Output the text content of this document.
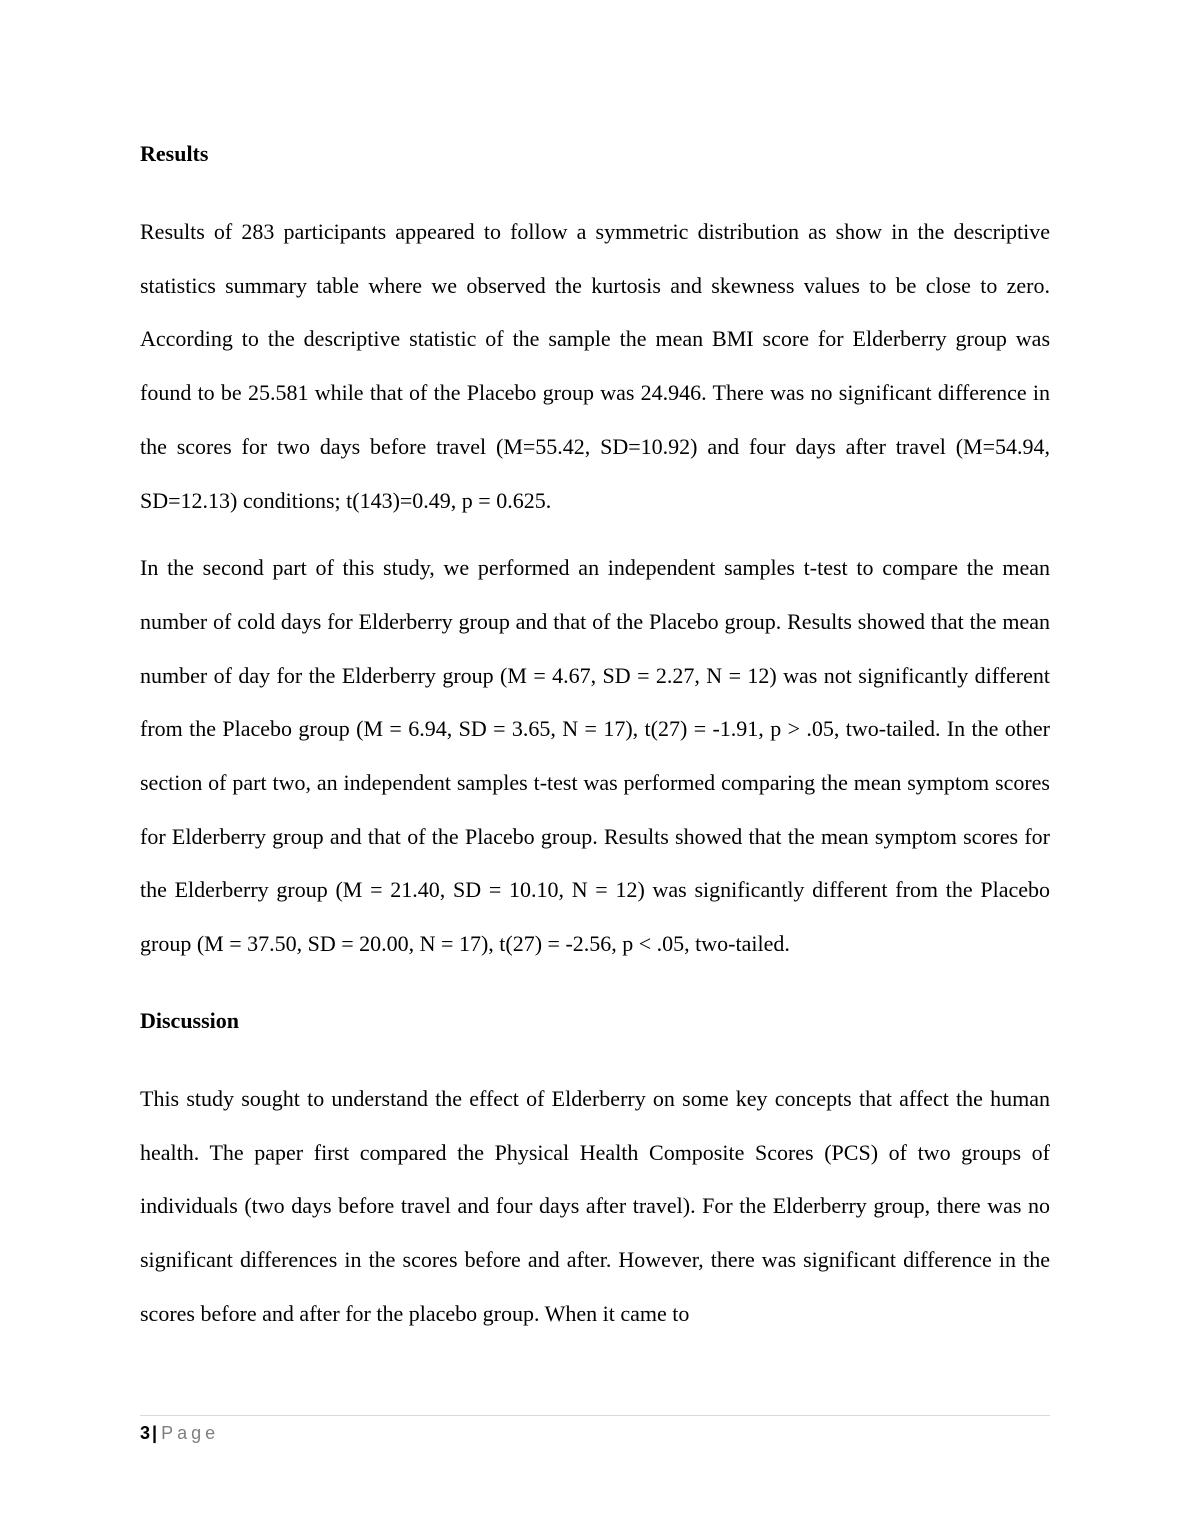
Results

Results of 283 participants appeared to follow a symmetric distribution as show in the descriptive statistics summary table where we observed the kurtosis and skewness values to be close to zero. According to the descriptive statistic of the sample the mean BMI score for Elderberry group was found to be 25.581 while that of the Placebo group was 24.946. There was no significant difference in the scores for two days before travel (M=55.42, SD=10.92) and four days after travel (M=54.94, SD=12.13) conditions; t(143)=0.49, p = 0.625.

In the second part of this study, we performed an independent samples t-test to compare the mean number of cold days for Elderberry group and that of the Placebo group. Results showed that the mean number of day for the Elderberry group (M = 4.67, SD = 2.27, N = 12) was not significantly different from the Placebo group (M = 6.94, SD = 3.65, N = 17), t(27) = -1.91, p > .05, two-tailed. In the other section of part two, an independent samples t-test was performed comparing the mean symptom scores for Elderberry group and that of the Placebo group. Results showed that the mean symptom scores for the Elderberry group (M = 21.40, SD = 10.10, N = 12) was significantly different from the Placebo group (M = 37.50, SD = 20.00, N = 17), t(27) = -2.56, p < .05, two-tailed.

Discussion

This study sought to understand the effect of Elderberry on some key concepts that affect the human health. The paper first compared the Physical Health Composite Scores (PCS) of two groups of individuals (two days before travel and four days after travel). For the Elderberry group, there was no significant differences in the scores before and after. However, there was significant difference in the scores before and after for the placebo group. When it came to

3 | Page
